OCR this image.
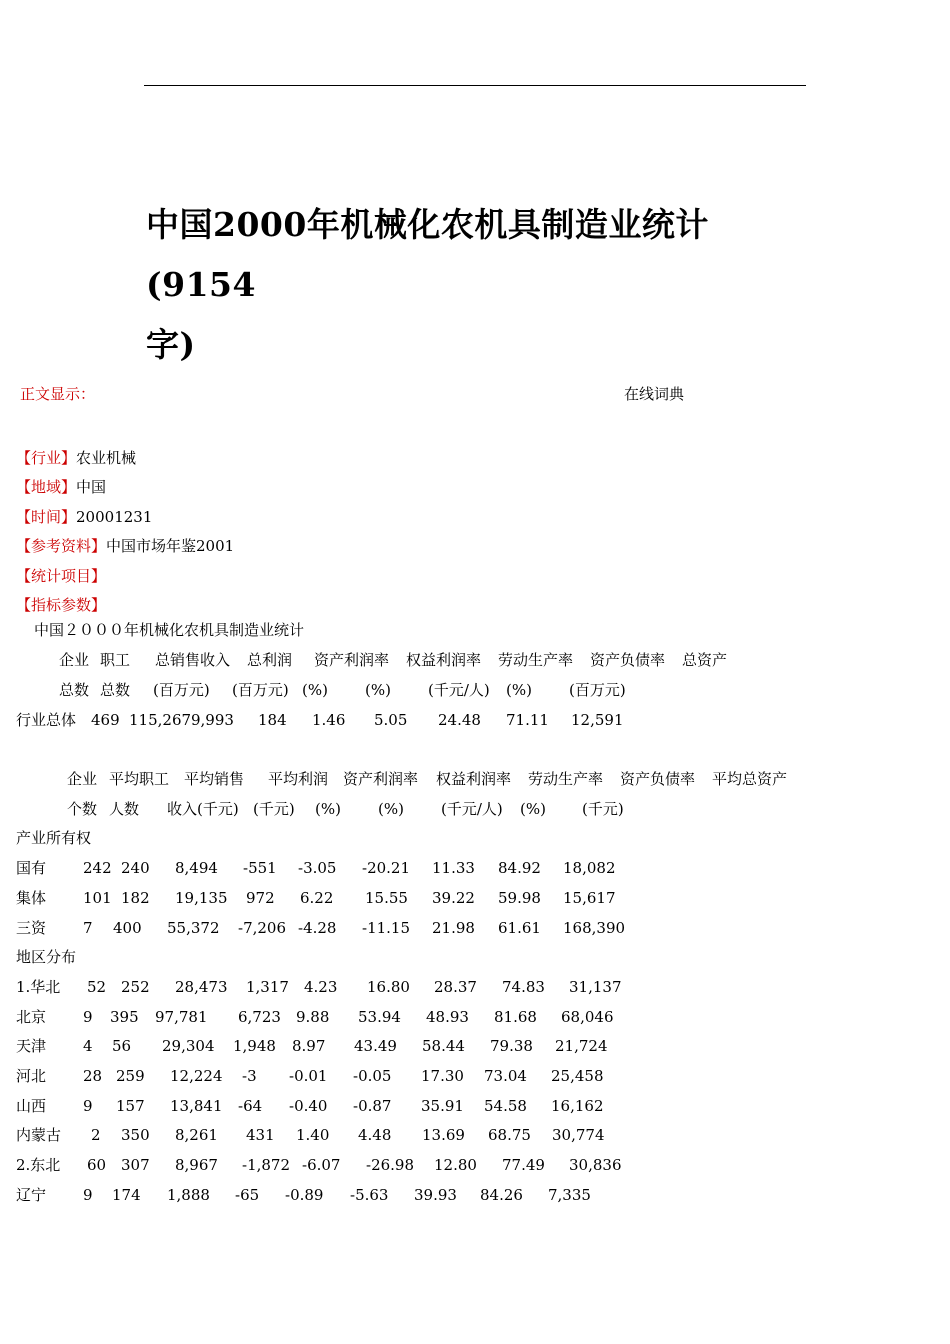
中国2000年机械化农机具制造业统计(9154
字)
正文显示：	在线词典
【行业】农业机械
【地域】中国
【时间】20001231
【参考资料】中国市场年鉴2001
【统计项目】
【指标参数】
中国２０００年机械化农机具制造业统计
企业 职工 总销售收入 总利润 资产利润率 权益利润率 劳动生产率 资产负债率 总资产
总数 总数 (百万元) (百万元) (%) (%) (千元/人) (%) (百万元)
行业总体 469 115,267 9,993 184 1.46 5.05 24.48 71.11 12,591
企业 平均职工 平均销售 平均利润 资产利润率 权益利润率 劳动生产率 资产负债率 平均总资产
个数 人数 收入(千元) (千元) (%) (%) (千元/人) (%) (千元)
产业所有权
国有 242 240 8,494 -551 -3.05 -20.21 11.33 84.92 18,082
集体 101 182 19,135 972 6.22 15.55 39.22 59.98 15,617
三资 7 400 55,372 -7,206 -4.28 -11.15 21.98 61.61 168,390
地区分布
1.华北 52 252 28,473 1,317 4.23 16.80 28.37 74.83 31,137
北京 9 395 97,781 6,723 9.88 53.94 48.93 81.68 68,046
天津 4 56 29,304 1,948 8.97 43.49 58.44 79.38 21,724
河北 28 259 12,224 -3 -0.01 -0.05 17.30 73.04 25,458
山西 9 157 13,841 -64 -0.40 -0.87 35.91 54.58 16,162
内蒙古 2 350 8,261 431 1.40 4.48 13.69 68.75 30,774
2.东北 60 307 8,967 -1,872 -6.07 -26.98 12.80 77.49 30,836
辽宁 9 174 1,888 -65 -0.89 -5.63 39.93 84.26 7,335
